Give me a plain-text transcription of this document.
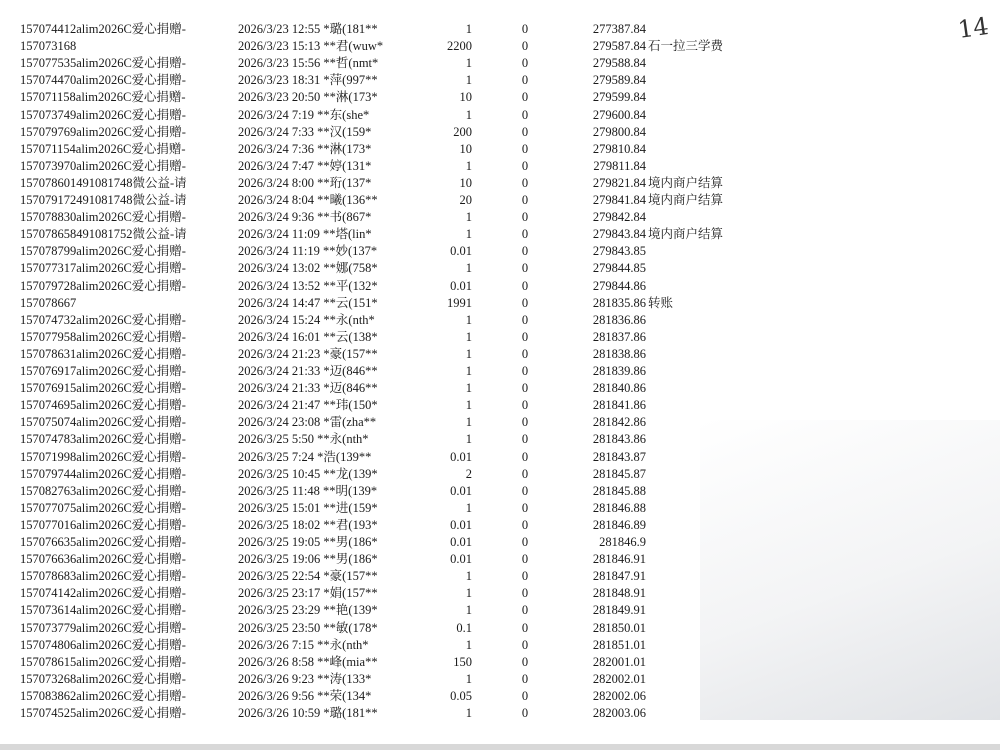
157074412alim2026C爱心捐赠-	2026/3/23 12:55 *璐(181**	1	0	277387.84
157073168	2026/3/23 15:13 **君(wuw*	2200	0	279587.84 石一拉三学费
157077535alim2026C爱心捐赠-	2026/3/23 15:56 **哲(nmt*	1	0	279588.84
157074470alim2026C爱心捐赠-	2026/3/23 18:31 *萍(997**	1	0	279589.84
157071158alim2026C爱心捐赠-	2026/3/23 20:50 **淋(173*	10	0	279599.84
157073749alim2026C爱心捐赠-	2026/3/24 7:19 **东(she*	1	0	279600.84
157079769alim2026C爱心捐赠-	2026/3/24 7:33 **汉(159*	200	0	279800.84
157071154alim2026C爱心捐赠-	2026/3/24 7:36 **淋(173*	10	0	279810.84
157073970alim2026C爱心捐赠-	2026/3/24 7:47 **婷(131*	1	0	279811.84
157078601491081748微公益-请	2026/3/24 8:00 **珩(137*	10	0	279821.84 境内商户结算
157079172491081748微公益-请	2026/3/24 8:04 **曦(136**	20	0	279841.84 境内商户结算
157078830alim2026C爱心捐赠-	2026/3/24 9:36 **书(867*	1	0	279842.84
157078658491081752微公益-请	2026/3/24 11:09 **塔(lin*	1	0	279843.84 境内商户结算
157078799alim2026C爱心捐赠-	2026/3/24 11:19 **妙(137*	0.01	0	279843.85
157077317alim2026C爱心捐赠-	2026/3/24 13:02 **娜(758*	1	0	279844.85
157079728alim2026C爱心捐赠-	2026/3/24 13:52 **平(132*	0.01	0	279844.86
157078667	2026/3/24 14:47 **云(151*	1991	0	281835.86 转账
157074732alim2026C爱心捐赠-	2026/3/24 15:24 **永(nth*	1	0	281836.86
157077958alim2026C爱心捐赠-	2026/3/24 16:01 **云(138*	1	0	281837.86
157078631alim2026C爱心捐赠-	2026/3/24 21:23 *豪(157**	1	0	281838.86
157076917alim2026C爱心捐赠-	2026/3/24 21:33 *迈(846**	1	0	281839.86
157076915alim2026C爱心捐赠-	2026/3/24 21:33 *迈(846**	1	0	281840.86
157074695alim2026C爱心捐赠-	2026/3/24 21:47 **玮(150*	1	0	281841.86
157075074alim2026C爱心捐赠-	2026/3/24 23:08 *雷(zha**	1	0	281842.86
157074783alim2026C爱心捐赠-	2026/3/25 5:50 **永(nth*	1	0	281843.86
157071998alim2026C爱心捐赠-	2026/3/25 7:24 *浩(139**	0.01	0	281843.87
157079744alim2026C爱心捐赠-	2026/3/25 10:45 **龙(139*	2	0	281845.87
157082763alim2026C爱心捐赠-	2026/3/25 11:48 **明(139*	0.01	0	281845.88
157077075alim2026C爱心捐赠-	2026/3/25 15:01 **进(159*	1	0	281846.88
157077016alim2026C爱心捐赠-	2026/3/25 18:02 **君(193*	0.01	0	281846.89
157076635alim2026C爱心捐赠-	2026/3/25 19:05 **男(186*	0.01	0	281846.9
157076636alim2026C爱心捐赠-	2026/3/25 19:06 **男(186*	0.01	0	281846.91
157078683alim2026C爱心捐赠-	2026/3/25 22:54 *豪(157**	1	0	281847.91
157074142alim2026C爱心捐赠-	2026/3/25 23:17 *娟(157**	1	0	281848.91
157073614alim2026C爱心捐赠-	2026/3/25 23:29 **艳(139*	1	0	281849.91
157073779alim2026C爱心捐赠-	2026/3/25 23:50 **敏(178*	0.1	0	281850.01
157074806alim2026C爱心捐赠-	2026/3/26 7:15 **永(nth*	1	0	281851.01
157078615alim2026C爱心捐赠-	2026/3/26 8:58 **峰(mia**	150	0	282001.01
157073268alim2026C爱心捐赠-	2026/3/26 9:23 **涛(133*	1	0	282002.01
157083862alim2026C爱心捐赠-	2026/3/26 9:56 **荣(134*	0.05	0	282002.06
157074525alim2026C爱心捐赠-	2026/3/26 10:59 *璐(181**	1	0	282003.06
14
